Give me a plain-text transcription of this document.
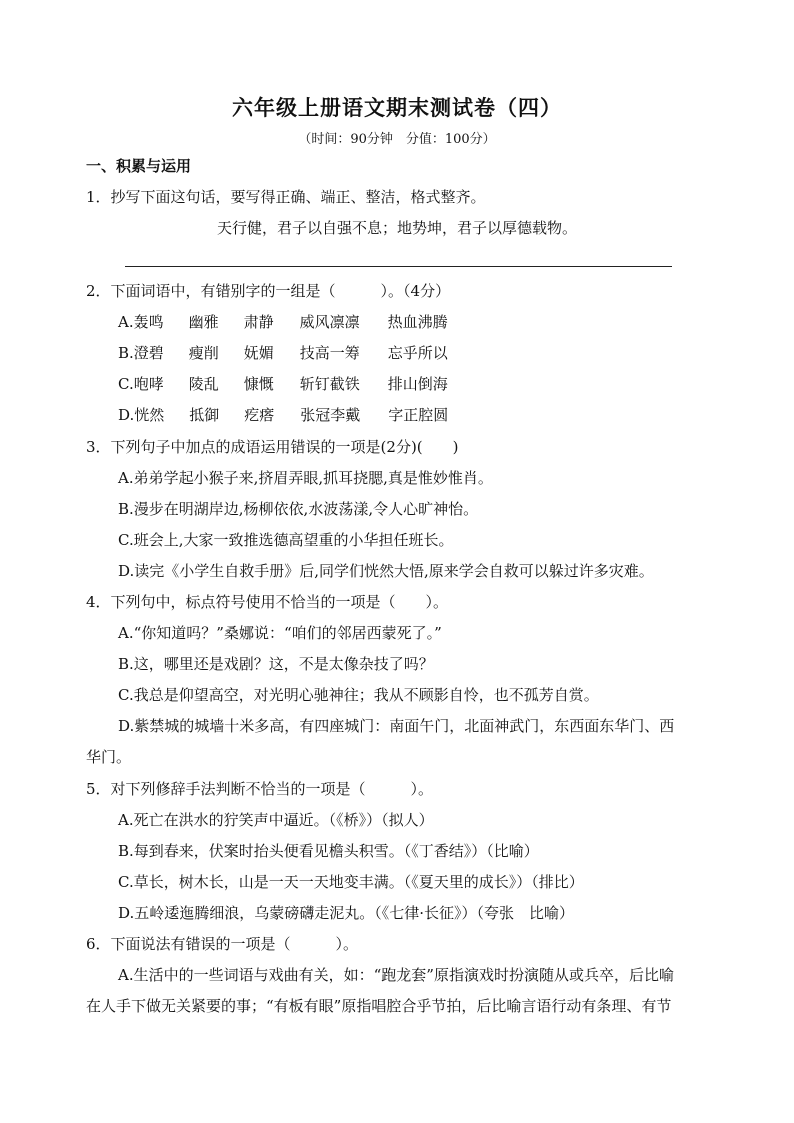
六年级上册语文期末测试卷（四）
（时间：90分钟　分值：100分）
一、积累与运用
1．抄写下面这句话，要写得正确、端正、整洁，格式整齐。
天行健，君子以自强不息；地势坤，君子以厚德载物。
2．下面词语中，有错别字的一组是（　　　）。（4分）
A.轰鸣 幽雅 肃静 威风凛凛 热血沸腾
B.澄碧 瘦削 妩媚 技高一筹 忘乎所以
C.咆哮 陵乱 慷慨 斩钉截铁 排山倒海
D.恍然 抵御 疙瘩 张冠李戴 字正腔圆
3．下列句子中加点的成语运用错误的一项是(2分)(　　)
A.弟弟学起小猴子来,挤眉弄眼,抓耳挠腮,真是惟妙惟肖。
B.漫步在明湖岸边,杨柳依依,水波荡漾,令人心旷神怡。
C.班会上,大家一致推选德高望重的小华担任班长。
D.读完《小学生自救手册》后,同学们恍然大悟,原来学会自救可以躲过许多灾难。
4．下列句中，标点符号使用不恰当的一项是（　　）。
A.“你知道吗？”桑娜说：“咱们的邻居西蒙死了。”
B.这，哪里还是戏剧？这，不是太像杂技了吗？
C.我总是仰望高空，对光明心驰神往；我从不顾影自怜，也不孤芳自赏。
D.紫禁城的城墙十米多高，有四座城门：南面午门，北面神武门，东西面东华门、西
华门。
5．对下列修辞手法判断不恰当的一项是（　　　）。
A.死亡在洪水的狞笑声中逼近。（《桥》）（拟人）
B.每到春来，伏案时抬头便看见檐头积雪。（《丁香结》）（比喻）
C.草长，树木长，山是一天一天地变丰满。（《夏天里的成长》）（排比）
D.五岭逶迤腾细浪，乌蒙磅礴走泥丸。（《七律·长征》）（夸张　比喻）
6．下面说法有错误的一项是（　　　）。
A.生活中的一些词语与戏曲有关，如：“跑龙套”原指演戏时扮演随从或兵卒，后比喻
在人手下做无关紧要的事；“有板有眼”原指唱腔合乎节拍，后比喻言语行动有条理、有节
